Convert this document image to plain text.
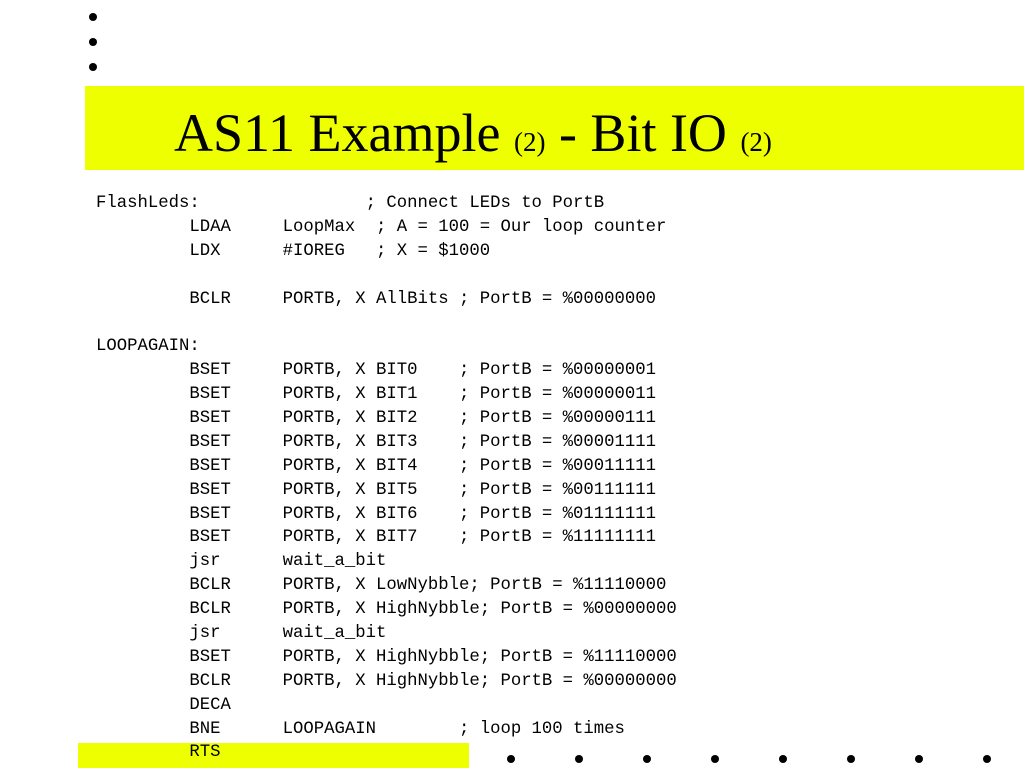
AS11 Example (2) - Bit IO (2)
FlashLeds:                ; Connect LEDs to PortB
LDAA     LoopMax  ; A = 100 = Our loop counter
LDX      #IOREG   ; X = $1000
BCLR     PORTB, X AllBits ; PortB = %00000000
LOOPAGAIN:
BSET     PORTB, X BIT0    ; PortB = %00000001
BSET     PORTB, X BIT1    ; PortB = %00000011
BSET     PORTB, X BIT2    ; PortB = %00000111
BSET     PORTB, X BIT3    ; PortB = %00001111
BSET     PORTB, X BIT4    ; PortB = %00011111
BSET     PORTB, X BIT5    ; PortB = %00111111
BSET     PORTB, X BIT6    ; PortB = %01111111
BSET     PORTB, X BIT7    ; PortB = %11111111
jsr      wait_a_bit
BCLR     PORTB, X LowNybble; PortB = %11110000
BCLR     PORTB, X HighNybble; PortB = %00000000
jsr      wait_a_bit
BSET     PORTB, X HighNybble; PortB = %11110000
BCLR     PORTB, X HighNybble; PortB = %00000000
DECA
BNE      LOOPAGAIN        ; loop 100 times
RTS
